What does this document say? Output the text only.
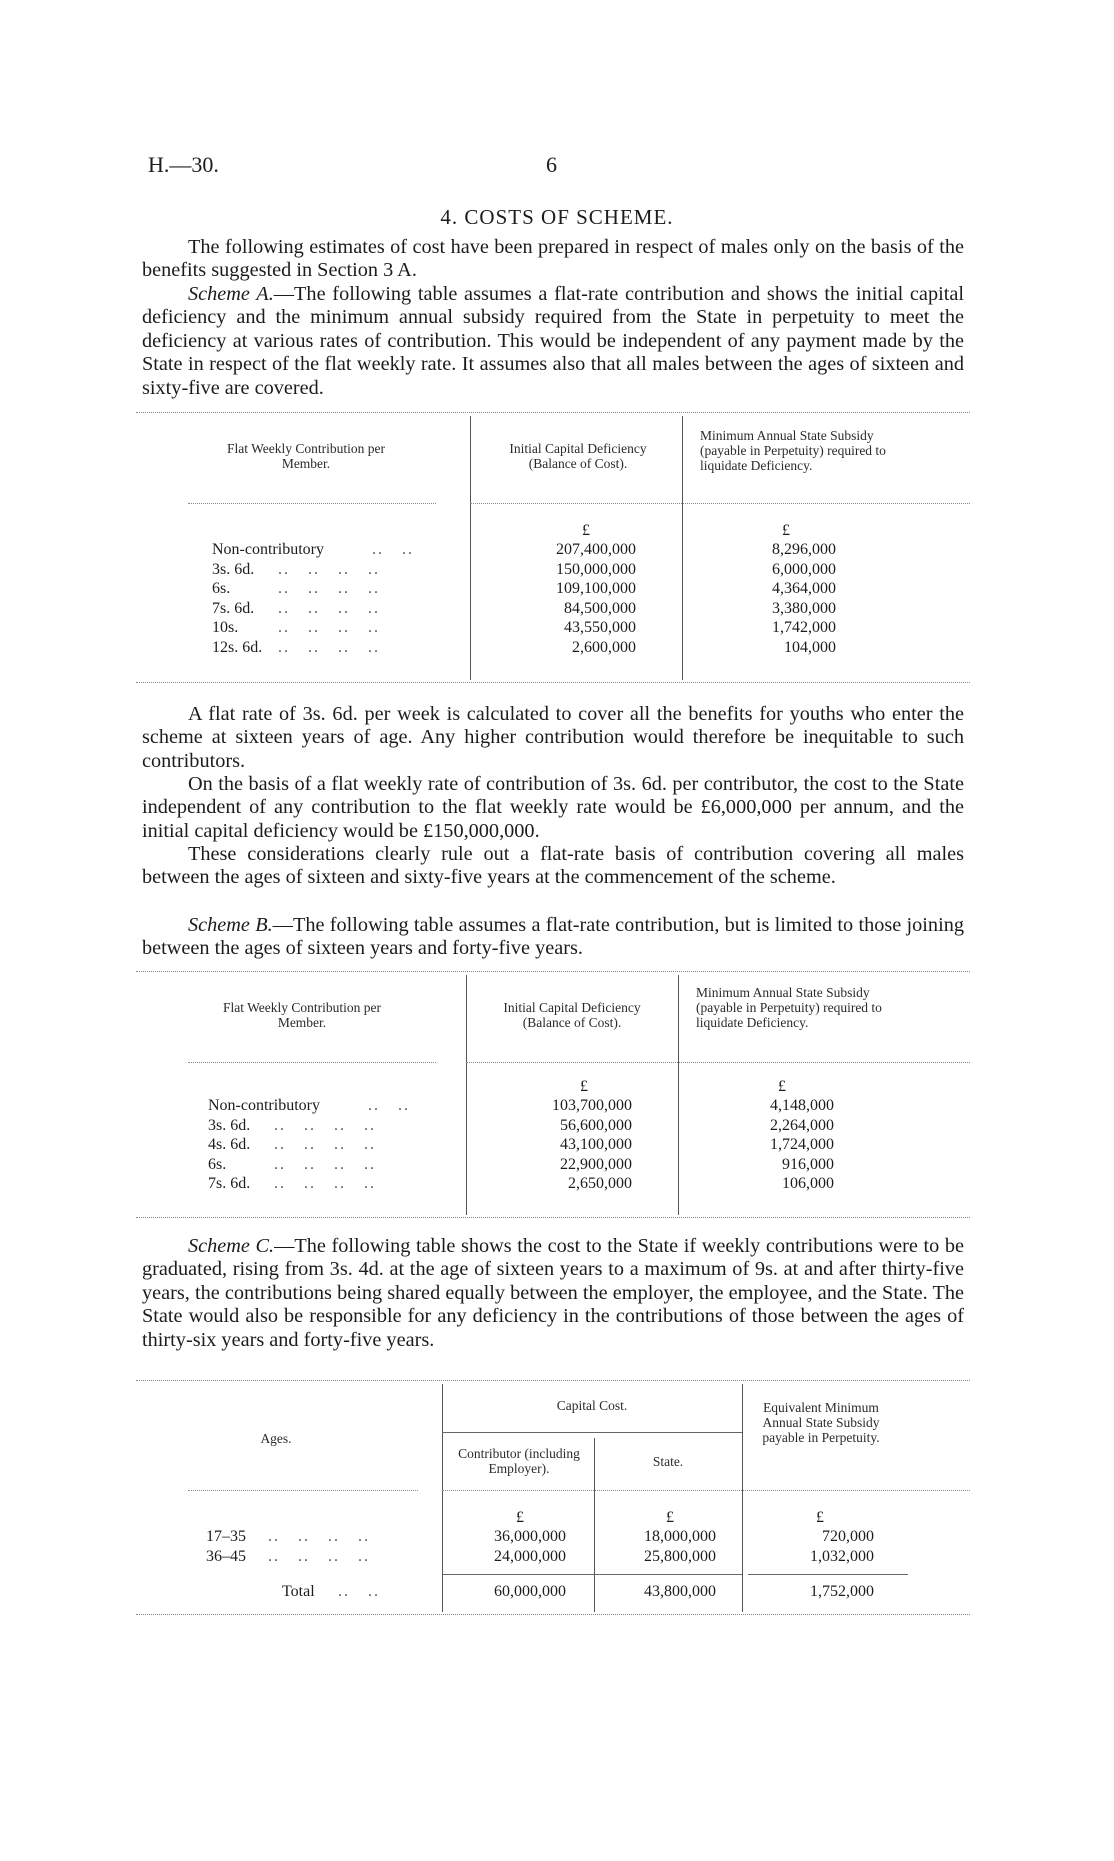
H.—30.	6
4. COSTS OF SCHEME.

The following estimates of cost have been prepared in respect of males only on the basis of the benefits suggested in Section 3 A.

Scheme A.—The following table assumes a flat-rate contribution and shows the initial capital deficiency and the minimum annual subsidy required from the State in perpetuity to meet the deficiency at various rates of contribution. This would be independent of any payment made by the State in respect of the flat weekly rate. It assumes also that all males between the ages of sixteen and sixty-five are covered.

Flat Weekly Contribution per Member.
Initial Capital Deficiency (Balance of Cost).
Minimum Annual State Subsidy (payable in Perpetuity) required to liquidate Deficiency.
£	£
Non-contributory	..   ..	207,400,000	8,296,000
3s. 6d. ..   ..   ..   ..	150,000,000	6,000,000
6s.	..   ..   ..   ..	109,100,000	4,364,000
7s. 6d. ..   ..   ..   ..	84,500,000	3,380,000
10s. ..   ..   ..   ..	43,550,000	1,742,000
12s. 6d. ..   ..   ..   ..	2,600,000	104,000

A flat rate of 3s. 6d. per week is calculated to cover all the benefits for youths who enter the scheme at sixteen years of age. Any higher contribution would therefore be inequitable to such contributors.

On the basis of a flat weekly rate of contribution of 3s. 6d. per contributor, the cost to the State independent of any contribution to the flat weekly rate would be £6,000,000 per annum, and the initial capital deficiency would be £150,000,000.

These considerations clearly rule out a flat-rate basis of contribution covering all males between the ages of sixteen and sixty-five years at the commencement of the scheme.

Scheme B.—The following table assumes a flat-rate contribution, but is limited to those joining between the ages of sixteen years and forty-five years.

Flat Weekly Contribution per Member.
Initial Capital Deficiency (Balance of Cost).
Minimum Annual State Subsidy (payable in Perpetuity) required to liquidate Deficiency.
£	£
Non-contributory	..   ..	103,700,000	4,148,000
3s. 6d. ..   ..   ..   ..	56,600,000	2,264,000
4s. 6d. ..   ..   ..   ..	43,100,000	1,724,000
6s.	..   ..   ..   ..	22,900,000	916,000
7s. 6d. ..   ..   ..   ..	2,650,000	106,000

Scheme C.—The following table shows the cost to the State if weekly contributions were to be graduated, rising from 3s. 4d. at the age of sixteen years to a maximum of 9s. at and after thirty-five years, the contributions being shared equally between the employer, the employee, and the State. The State would also be responsible for any deficiency in the contributions of those between the ages of thirty-six years and forty-five years.

Ages.
Capital Cost.
Contributor (including Employer).	State.
Equivalent Minimum Annual State Subsidy payable in Perpetuity.
£	£	£
17–35 ..   ..   ..   ..	36,000,000	18,000,000	720,000
36–45 ..   ..   ..   ..	24,000,000	25,800,000	1,032,000
Total ..   ..	60,000,000	43,800,000	1,752,000
